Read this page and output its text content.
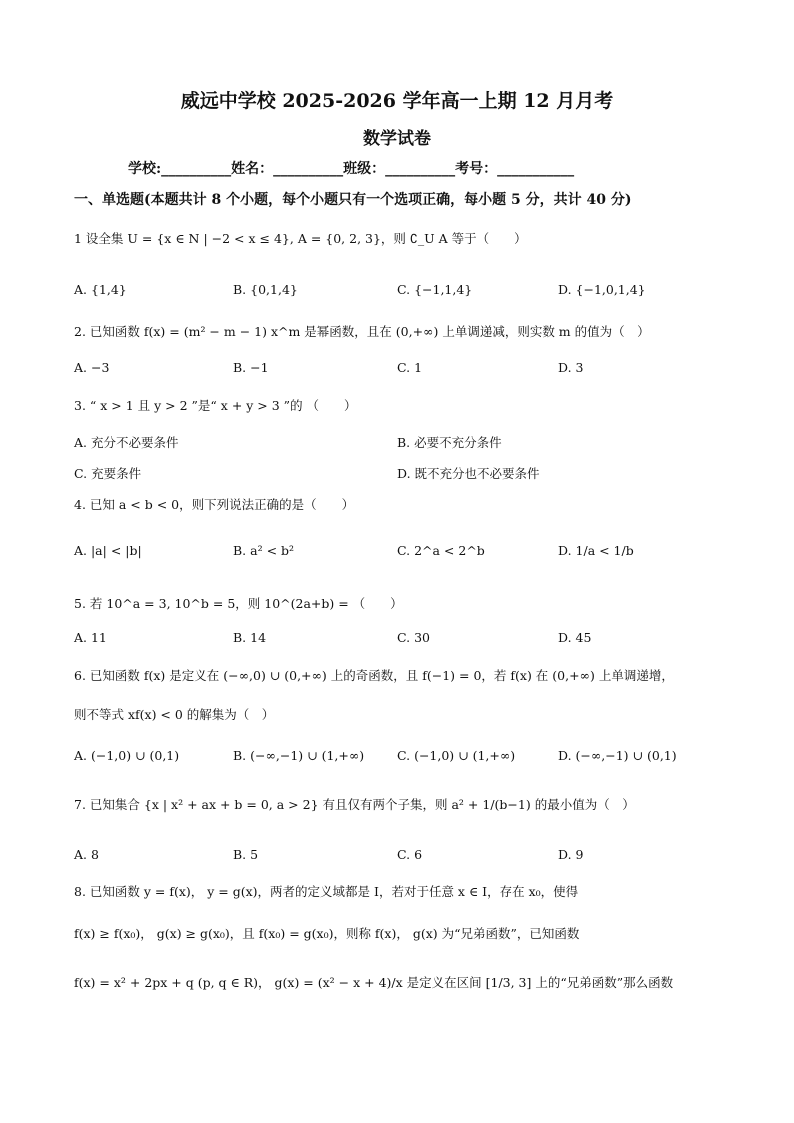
威远中学校 2025-2026 学年高一上期 12 月月考
数学试卷
学校:__________姓名：__________班级：__________考号：___________
一、单选题(本题共计 8 个小题，每个小题只有一个选项正确，每小题 5 分，共计 40 分)
1 设全集 U = {x ∈ N | −2 < x ≤ 4}, A = {0, 2, 3}，则 ∁_U A 等于（　　）
A. {1,4}	B. {0,1,4}	C. {−1,1,4}	D. {−1,0,1,4}
2. 已知函数 f(x) = (m² − m − 1) x^m 是幂函数，且在 (0,+∞) 上单调递减，则实数 m 的值为（　）
A. −3	B. −1	C. 1	D. 3
3. “ x > 1 且 y > 2 ”是“ x + y > 3 ”的 （　　）
A. 充分不必要条件	B. 必要不充分条件
C. 充要条件	D. 既不充分也不必要条件
4. 已知 a < b < 0，则下列说法正确的是（　　）
A. |a| < |b|	B. a² < b²	C. 2^a < 2^b	D. 1/a < 1/b
5. 若 10^a = 3, 10^b = 5，则 10^(2a+b) = （　　）
A. 11	B. 14	C. 30	D. 45
6. 已知函数 f(x) 是定义在 (−∞,0) ∪ (0,+∞) 上的奇函数，且 f(−1) = 0，若 f(x) 在 (0,+∞) 上单调递增，
则不等式 xf(x) < 0 的解集为（　）
A. (−1,0) ∪ (0,1)	B. (−∞,−1) ∪ (1,+∞)	C. (−1,0) ∪ (1,+∞)	D. (−∞,−1) ∪ (0,1)
7. 已知集合 {x | x² + ax + b = 0, a > 2} 有且仅有两个子集，则 a² + 1/(b−1) 的最小值为（　）
A. 8	B. 5	C. 6	D. 9
8. 已知函数 y = f(x)， y = g(x)，两者的定义域都是 I，若对于任意 x ∈ I，存在 x₀，使得
f(x) ≥ f(x₀)， g(x) ≥ g(x₀)，且 f(x₀) = g(x₀)，则称 f(x)， g(x) 为“兄弟函数”，已知函数
f(x) = x² + 2px + q (p, q ∈ R)， g(x) = (x² − x + 4)/x 是定义在区间 [1/3, 3] 上的“兄弟函数”那么函数
